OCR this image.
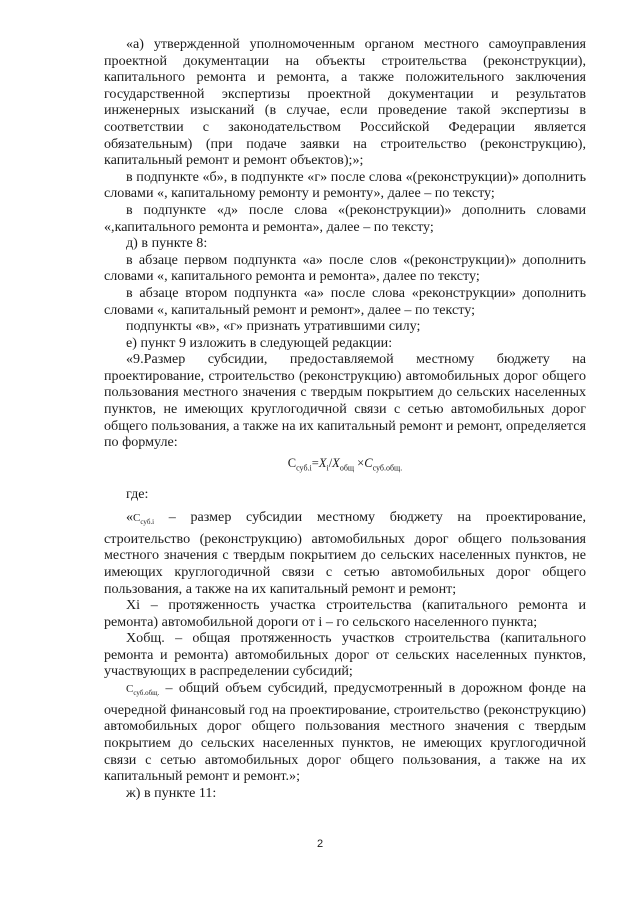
«а) утвержденной уполномоченным органом местного самоуправления проектной документации на объекты строительства (реконструкции), капитального ремонта и ремонта, а также положительного заключения государственной экспертизы проектной документации и результатов инженерных изысканий (в случае, если проведение такой экспертизы в соответствии с законодательством Российской Федерации является обязательным) (при подаче заявки на строительство (реконструкцию), капитальный ремонт и ремонт объектов);»;

в подпункте «б», в подпункте «г» после слова «(реконструкции)» дополнить словами «, капитальному ремонту и ремонту», далее – по тексту;

в подпункте «д» после слова «(реконструкции)» дополнить словами «,капитального ремонта и ремонта», далее – по тексту;

д) в пункте 8:

в абзаце первом подпункта «а» после слов «(реконструкции)» дополнить словами «, капитального ремонта и ремонта», далее по тексту;

в абзаце втором подпункта «а» после слова «реконструкции» дополнить словами «, капитальный ремонт и ремонт», далее – по тексту;

подпункты «в», «г» признать утратившими силу;

е) пункт 9 изложить в следующей редакции:

«9.Размер субсидии, предоставляемой местному бюджету на проектирование, строительство (реконструкцию) автомобильных дорог общего пользования местного значения с твердым покрытием до сельских населенных пунктов, не имеющих круглогодичной связи с сетью автомобильных дорог общего пользования, а также на их капитальный ремонт и ремонт, определяется по формуле:

$С_{суб.i}=X_i/X_{общ} \times С_{суб.общ.}$

где:

«$С_{суб.i}$ – размер субсидии местному бюджету на проектирование, строительство (реконструкцию) автомобильных дорог общего пользования местного значения с твердым покрытием до сельских населенных пунктов, не имеющих круглогодичной связи с сетью автомобильных дорог общего пользования, а также на их капитальный ремонт и ремонт;

Xi – протяженность участка строительства (капитального ремонта и ремонта) автомобильной дороги от i – го сельского населенного пункта;

Xобщ. – общая протяженность участков строительства (капитального ремонта и ремонта) автомобильных дорог от сельских населенных пунктов, участвующих в распределении субсидий;

$С_{суб.общ.}$ – общий объем субсидий, предусмотренный в дорожном фонде на очередной финансовый год на проектирование, строительство (реконструкцию) автомобильных дорог общего пользования местного значения с твердым покрытием до сельских населенных пунктов, не имеющих круглогодичной связи с сетью автомобильных дорог общего пользования, а также на их капитальный ремонт и ремонт.»;

ж) в пункте 11:

2
